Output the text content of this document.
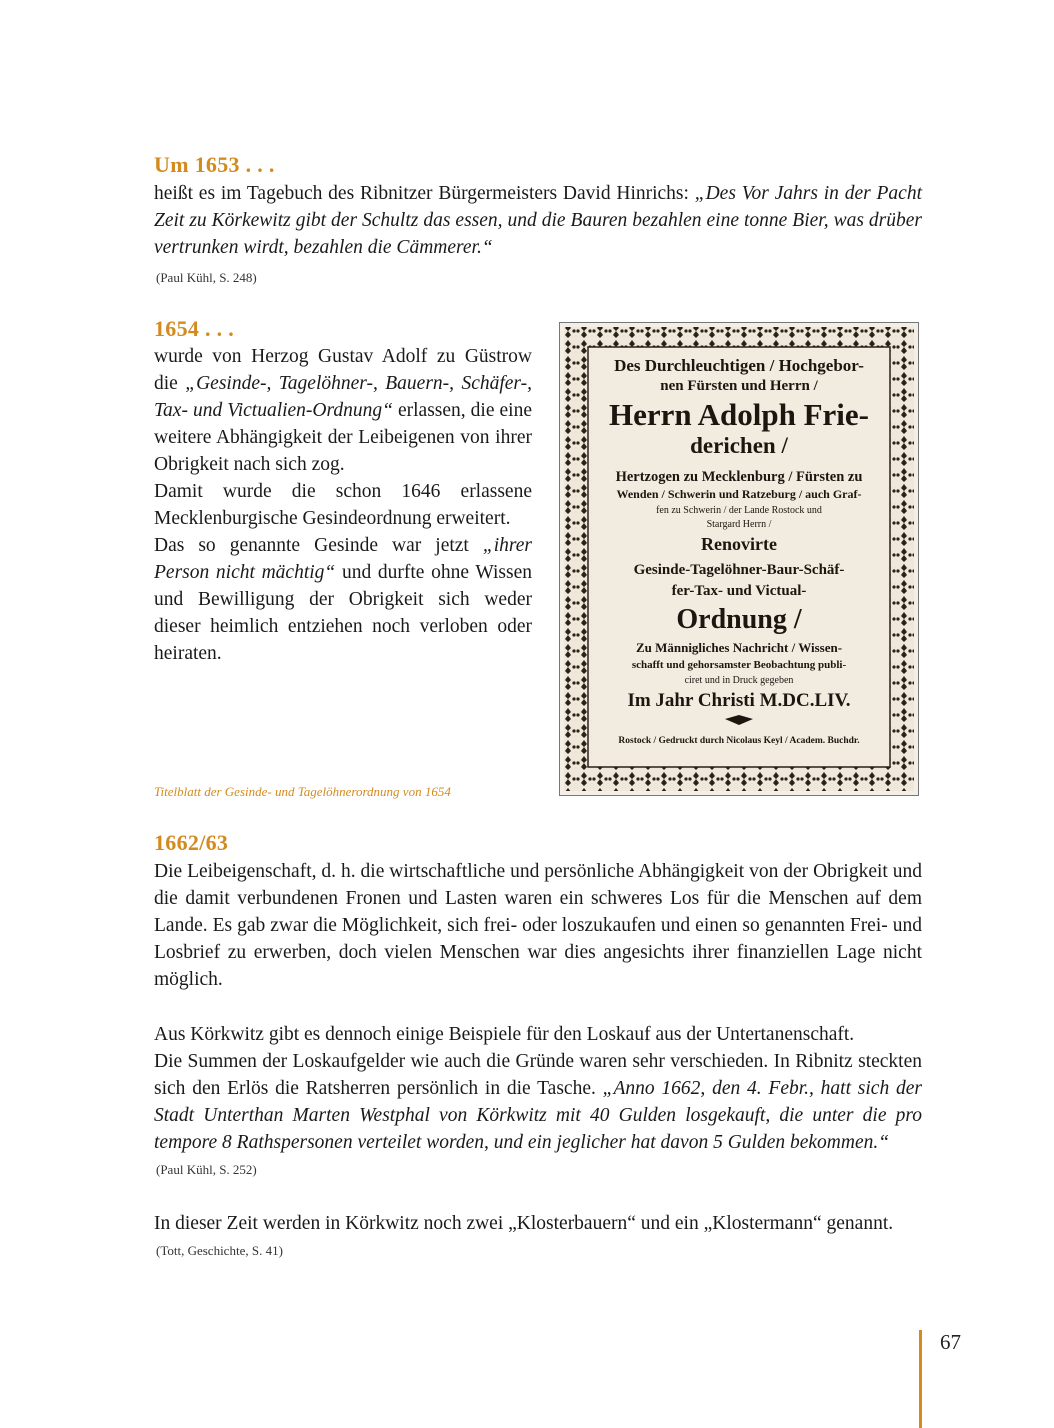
Um 1653 . . .
heißt es im Tagebuch des Ribnitzer Bürgermeisters David Hinrichs: „Des Vor Jahrs in der Pacht Zeit zu Körkewitz gibt der Schultz das essen, und die Bauren bezahlen eine tonne Bier, was drüber vertrunken wirdt, bezahlen die Cämmerer.“
(Paul Kühl, S. 248)
1654 . . .
wurde von Herzog Gustav Adolf zu Güstrow die „Gesinde-, Tagelöhner-, Bauern-, Schäfer-, Tax- und Victualien-Ordnung“ erlassen, die eine weitere Abhängigkeit der Leibeigenen von ihrer Obrigkeit nach sich zog.
Damit wurde die schon 1646 erlassene Mecklenburgische Gesindeordnung erweitert.
Das so genannte Gesinde war jetzt „ihrer Person nicht mächtig“ und durfte ohne Wissen und Bewilligung der Obrigkeit sich weder dieser heimlich entziehen noch verloben oder heiraten.
Des Durchleuchtigen / Hochgebor-
nen Fürsten und Herrn /
Herrn Adolph Frie-
derichen /
Hertzogen zu Mecklenburg / Fürsten zu
Wenden / Schwerin und Ratzeburg / auch Graf-
fen zu Schwerin / der Lande Rostock und
Stargard Herrn /
Renovirte
Gesinde-Tagelöhner-Baur-Schäf-
fer-Tax- und Victual-
Ordnung /
Zu Männigliches Nachricht / Wissen-
schafft und gehorsamster Beobachtung publi-
ciret und in Druck gegeben
Im Jahr Christi M.DC.LIV.
Rostock / Gedruckt durch Nicolaus Keyl / Academ. Buchdr.
Titelblatt der Gesinde- und Tagelöhnerordnung von 1654
1662/63
Die Leibeigenschaft, d. h. die wirtschaftliche und persönliche Abhängigkeit von der Obrigkeit und die damit verbundenen Fronen und Lasten waren ein schweres Los für die Menschen auf dem Lande. Es gab zwar die Möglichkeit, sich frei- oder loszukaufen und einen so genannten Frei- und Losbrief zu erwerben, doch vielen Menschen war dies angesichts ihrer finanziellen Lage nicht möglich.
Aus Körkwitz gibt es dennoch einige Beispiele für den Loskauf aus der Untertanenschaft.
Die Summen der Loskaufgelder wie auch die Gründe waren sehr verschieden. In Ribnitz steckten sich den Erlös die Ratsherren persönlich in die Tasche. „Anno 1662, den 4. Febr., hatt sich der Stadt Unterthan Marten Westphal von Körkwitz mit 40 Gulden losgekauft, die unter die pro tempore 8 Rathspersonen verteilet worden, und ein jeglicher hat davon 5 Gulden bekommen.“
(Paul Kühl, S. 252)
In dieser Zeit werden in Körkwitz noch zwei „Klosterbauern“ und ein „Klostermann“ genannt.
(Tott, Geschichte, S. 41)
67
